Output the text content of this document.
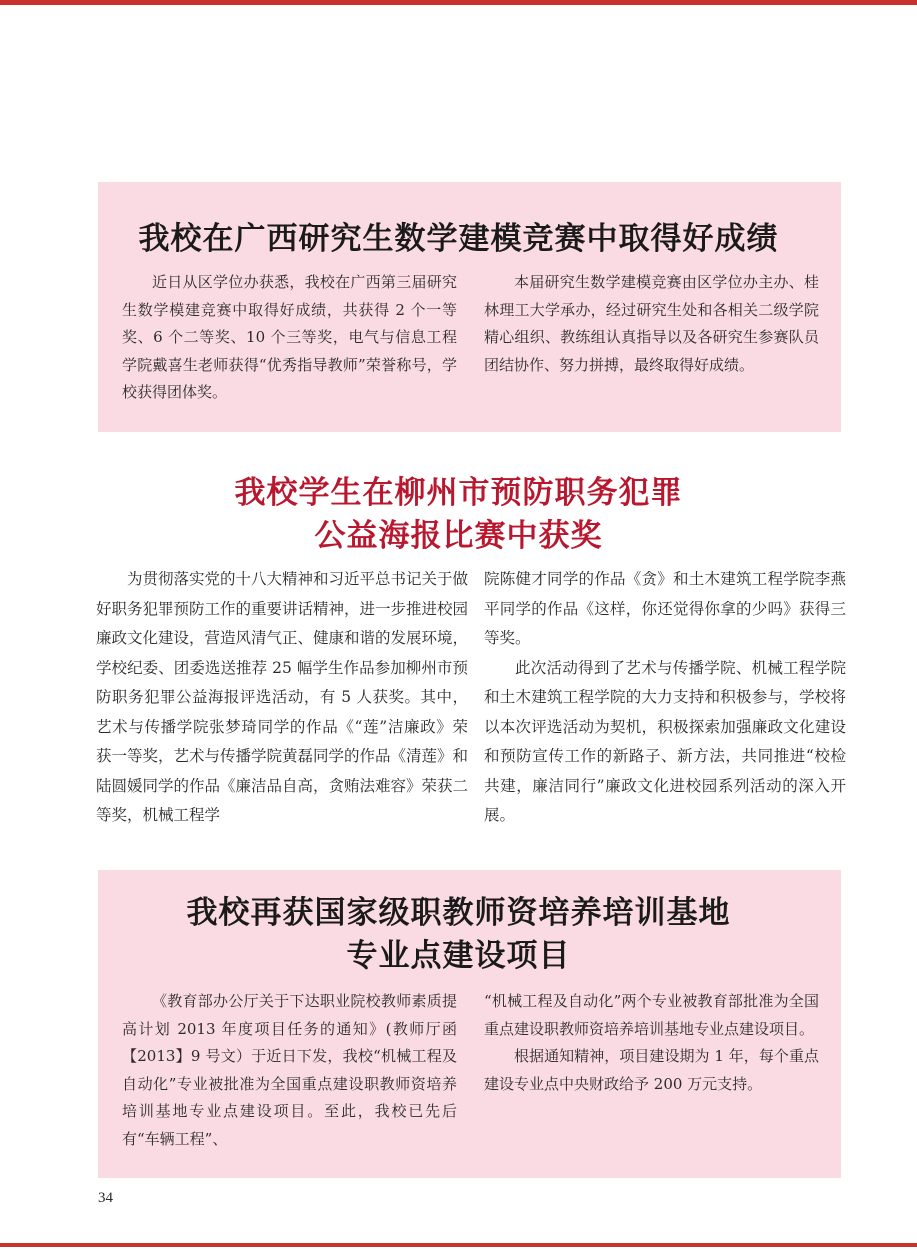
我校在广西研究生数学建模竞赛中取得好成绩

近日从区学位办获悉，我校在广西第三届研究生数学模建竞赛中取得好成绩，共获得 2 个一等奖、6 个二等奖、10 个三等奖，电气与信息工程学院戴喜生老师获得“优秀指导教师”荣誉称号，学校获得团体奖。

本届研究生数学建模竞赛由区学位办主办、桂林理工大学承办，经过研究生处和各相关二级学院精心组织、教练组认真指导以及各研究生参赛队员团结协作、努力拼搏，最终取得好成绩。

我校学生在柳州市预防职务犯罪
公益海报比赛中获奖

为贯彻落实党的十八大精神和习近平总书记关于做好职务犯罪预防工作的重要讲话精神，进一步推进校园廉政文化建设，营造风清气正、健康和谐的发展环境，学校纪委、团委选送推荐 25 幅学生作品参加柳州市预防职务犯罪公益海报评选活动，有 5 人获奖。其中，艺术与传播学院张梦琦同学的作品《“莲”洁廉政》荣获一等奖，艺术与传播学院黄磊同学的作品《清莲》和陆圆媛同学的作品《廉洁品自高，贪贿法难容》荣获二等奖，机械工程学

院陈健才同学的作品《贪》和土木建筑工程学院李燕平同学的作品《这样，你还觉得你拿的少吗》获得三等奖。

此次活动得到了艺术与传播学院、机械工程学院和土木建筑工程学院的大力支持和积极参与，学校将以本次评选活动为契机，积极探索加强廉政文化建设和预防宣传工作的新路子、新方法，共同推进“校检共建，廉洁同行”廉政文化进校园系列活动的深入开展。

我校再获国家级职教师资培养培训基地
专业点建设项目

《教育部办公厅关于下达职业院校教师素质提高计划 2013 年度项目任务的通知》(教师厅函【2013】9 号文）于近日下发，我校“机械工程及自动化”专业被批准为全国重点建设职教师资培养培训基地专业点建设项目。至此，我校已先后有“车辆工程”、

“机械工程及自动化”两个专业被教育部批准为全国重点建设职教师资培养培训基地专业点建设项目。

根据通知精神，项目建设期为 1 年，每个重点建设专业点中央财政给予 200 万元支持。

34
